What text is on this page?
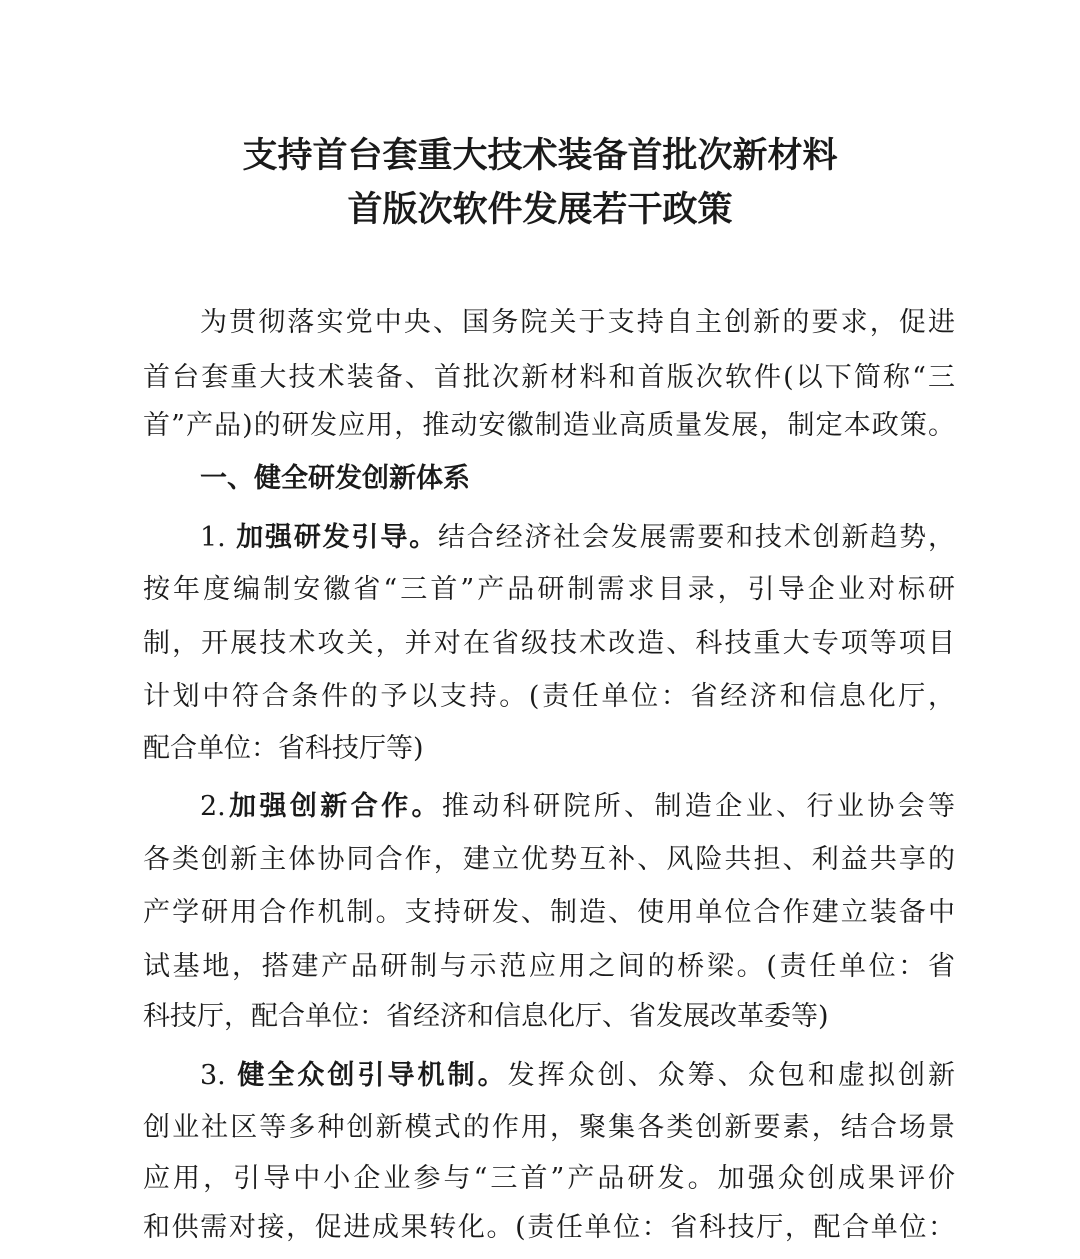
支持首台套重大技术装备首批次新材料
首版次软件发展若干政策
为贯彻落实党中央、国务院关于支持自主创新的要求，促进
首台套重大技术装备、首批次新材料和首版次软件(以下简称“三
首”产品)的研发应用，推动安徽制造业高质量发展，制定本政策。
一、健全研发创新体系
1. 加强研发引导。结合经济社会发展需要和技术创新趋势，
按年度编制安徽省“三首”产品研制需求目录，引导企业对标研
制，开展技术攻关，并对在省级技术改造、科技重大专项等项目
计划中符合条件的予以支持。(责任单位：省经济和信息化厅，
配合单位：省科技厅等)
2.加强创新合作。推动科研院所、制造企业、行业协会等
各类创新主体协同合作，建立优势互补、风险共担、利益共享的
产学研用合作机制。支持研发、制造、使用单位合作建立装备中
试基地，搭建产品研制与示范应用之间的桥梁。(责任单位：省
科技厅，配合单位：省经济和信息化厅、省发展改革委等)
3. 健全众创引导机制。发挥众创、众筹、众包和虚拟创新
创业社区等多种创新模式的作用，聚集各类创新要素，结合场景
应用，引导中小企业参与“三首”产品研发。加强众创成果评价
和供需对接，促进成果转化。(责任单位：省科技厅，配合单位：
